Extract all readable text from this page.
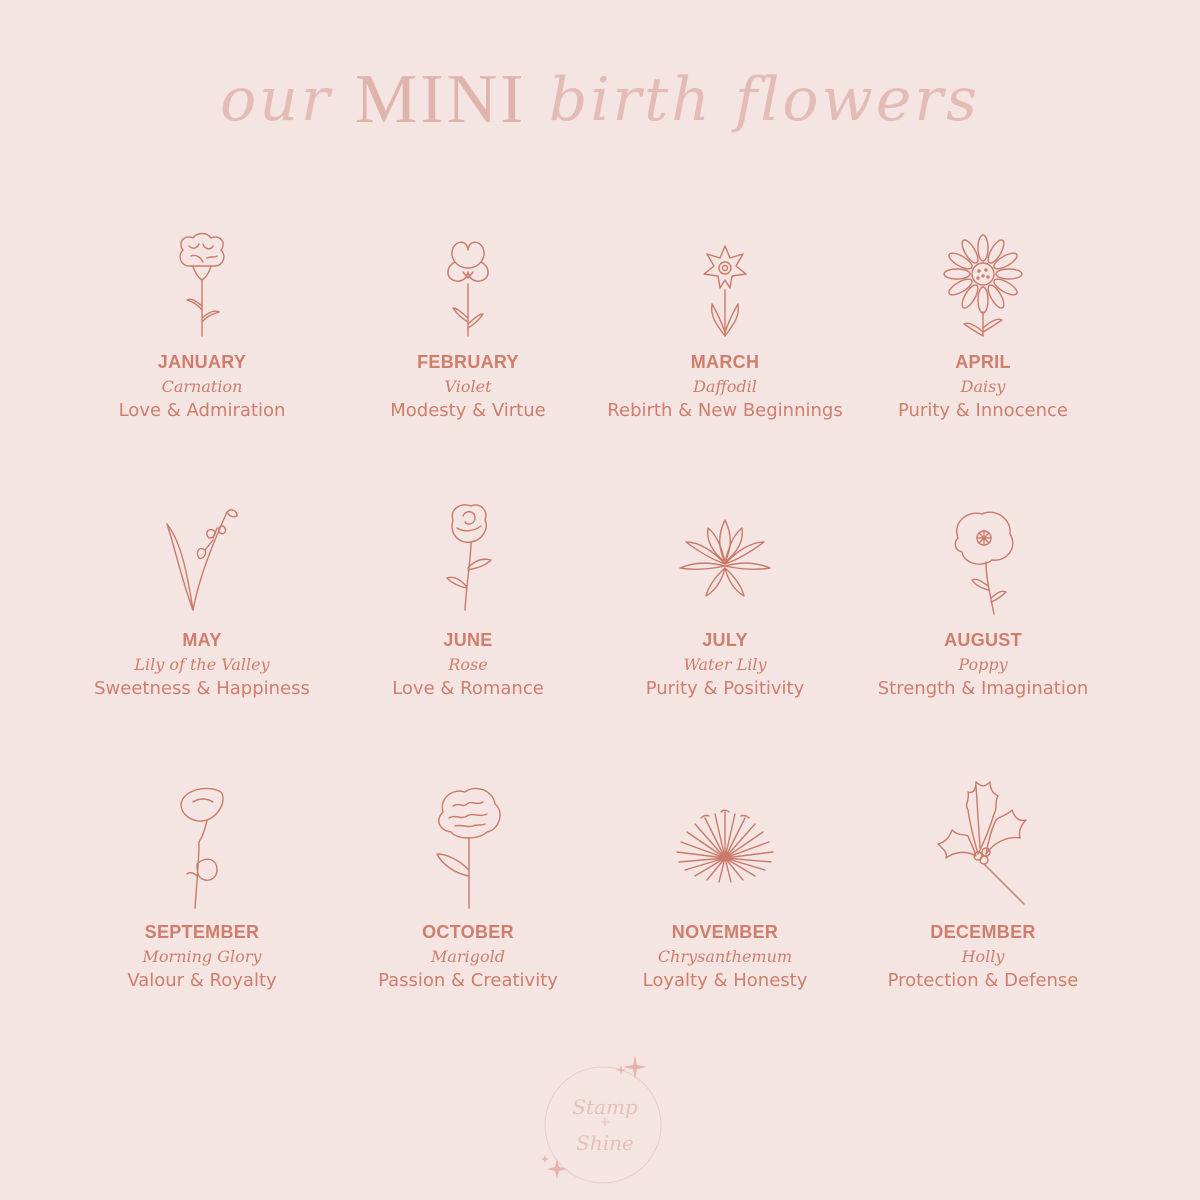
our MINI birth flowers
JANUARY
Carnation
Love & Admiration
FEBRUARY
Violet
Modesty & Virtue
MARCH
Daffodil
Rebirth & New Beginnings
APRIL
Daisy
Purity & Innocence
MAY
Lily of the Valley
Sweetness & Happiness
JUNE
Rose
Love & Romance
JULY
Water Lily
Purity & Positivity
AUGUST
Poppy
Strength & Imagination
SEPTEMBER
Morning Glory
Valour & Royalty
OCTOBER
Marigold
Passion & Creativity
NOVEMBER
Chrysanthemum
Loyalty & Honesty
DECEMBER
Holly
Protection & Defense
Stamp
+
Shine
